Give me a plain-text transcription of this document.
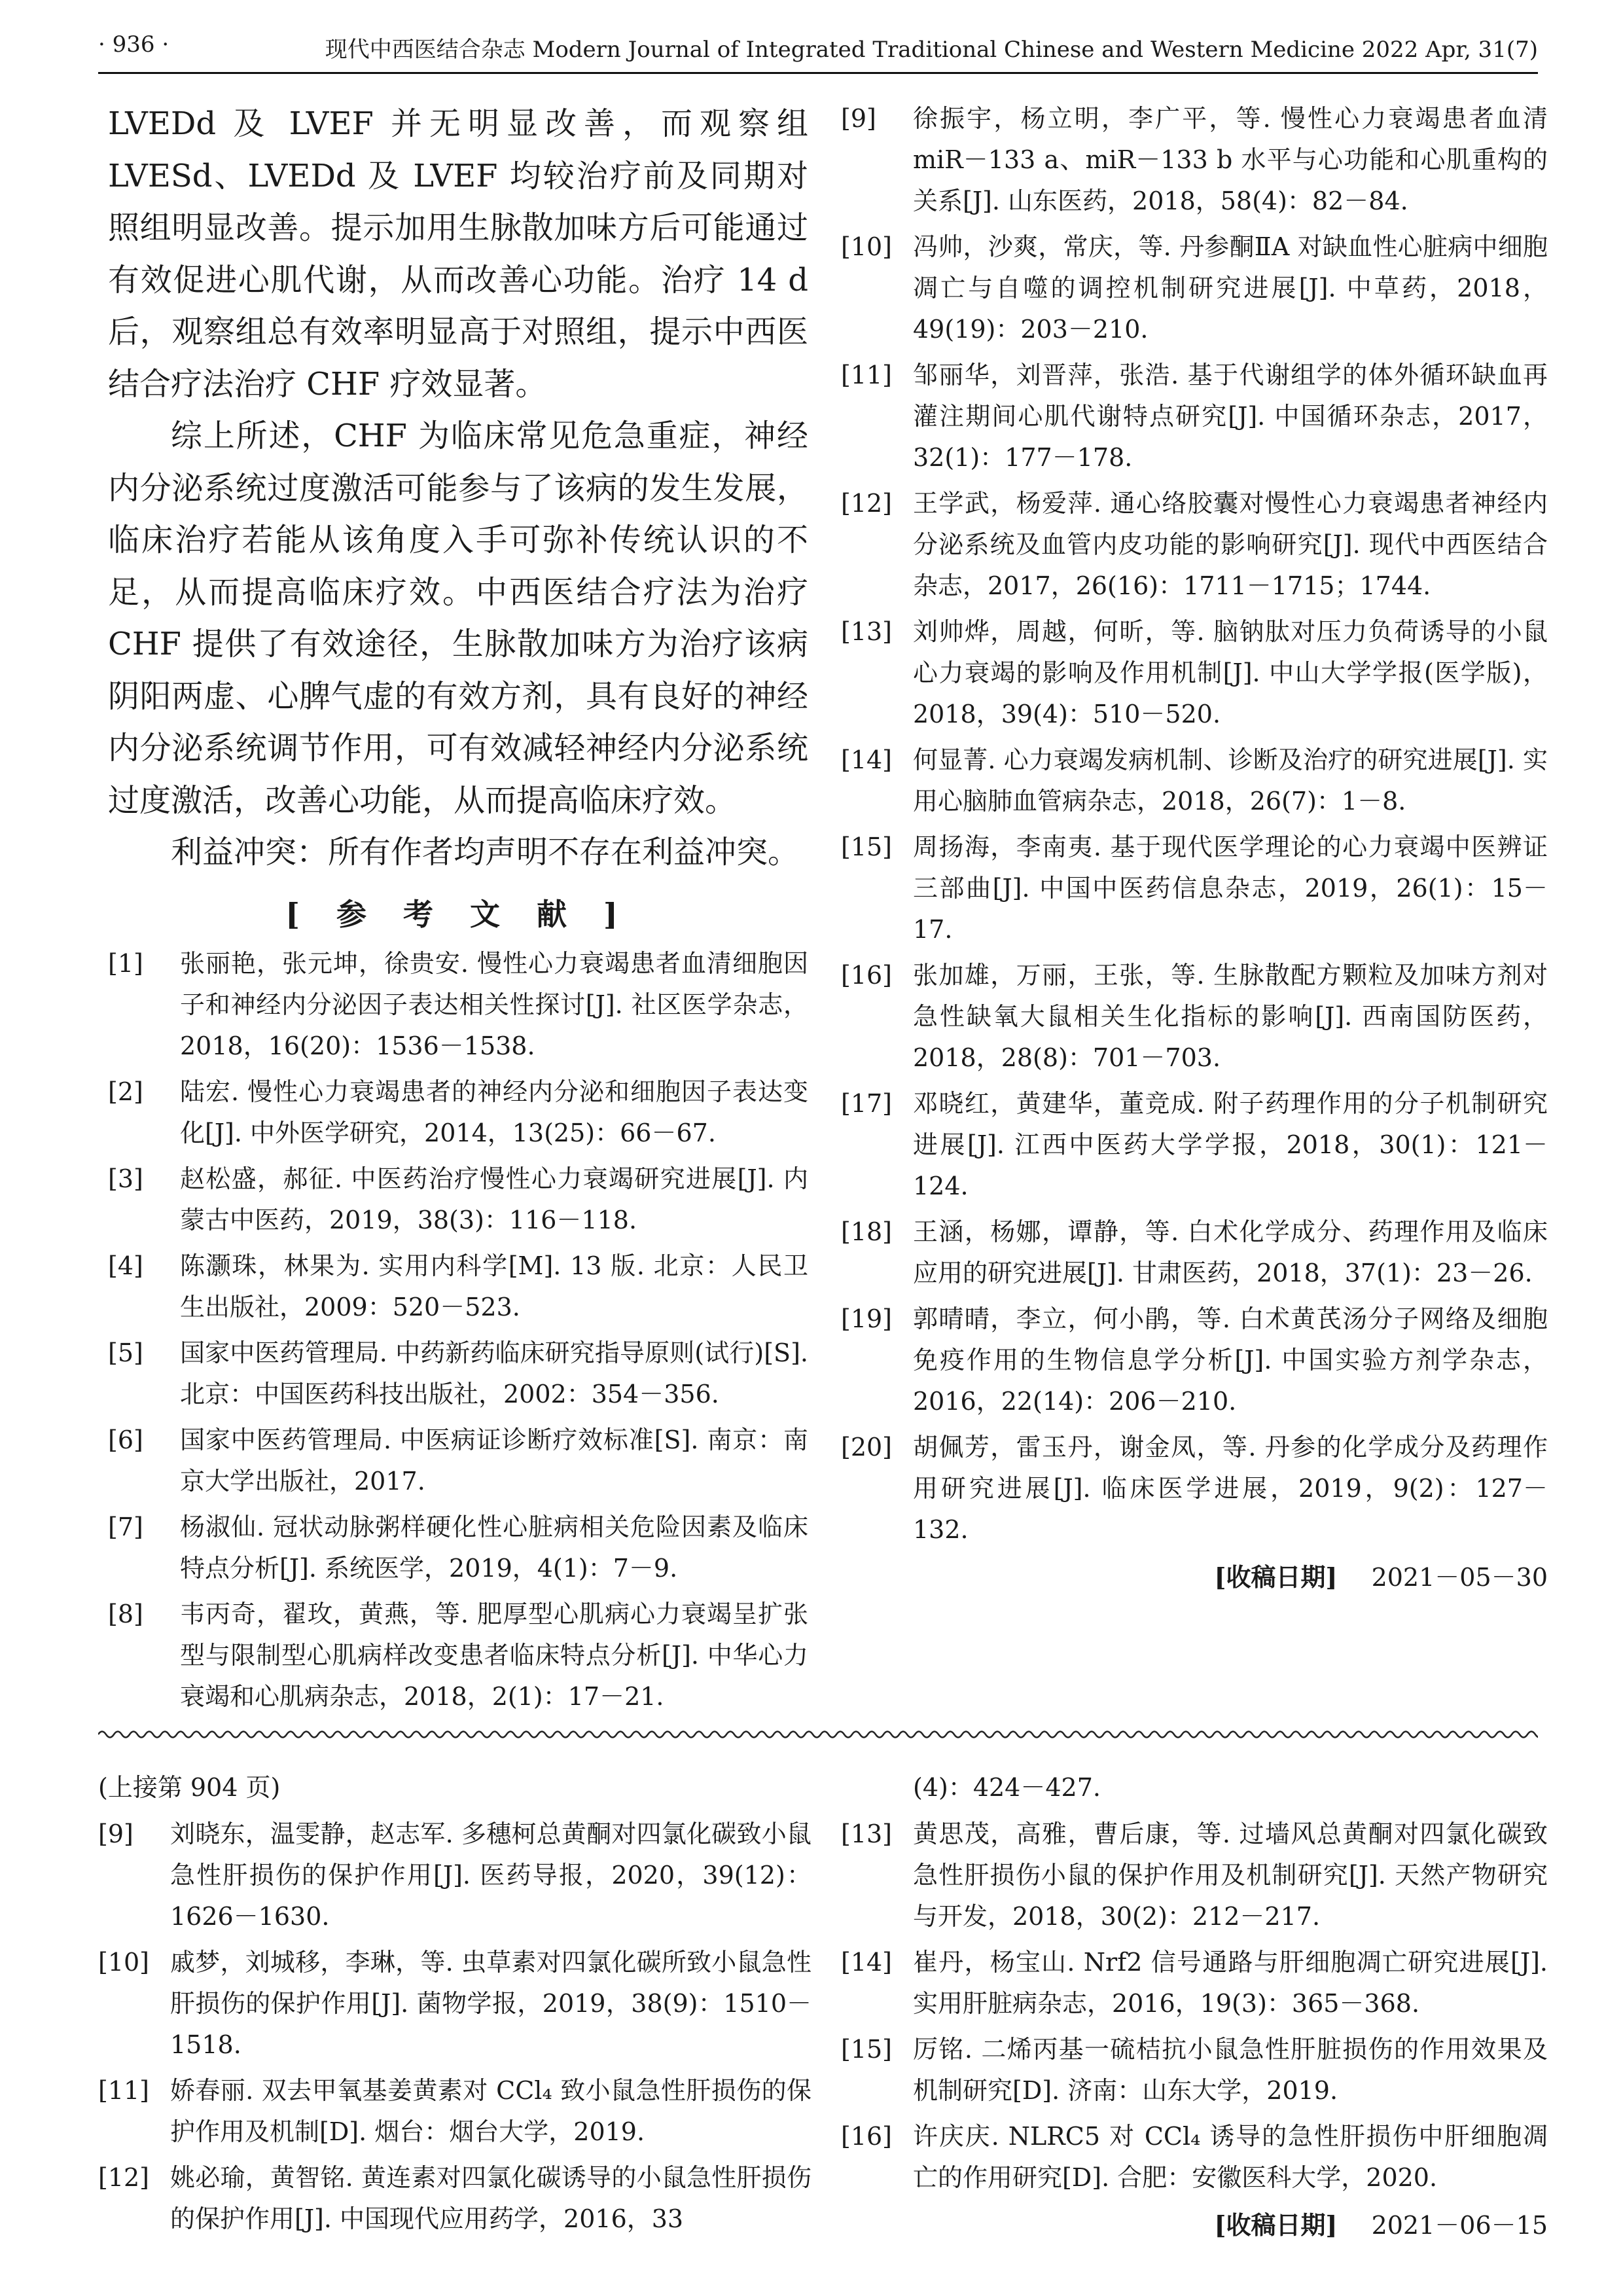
· 936 ·	现代中西医结合杂志 Modern Journal of Integrated Traditional Chinese and Western Medicine 2022 Apr, 31(7)

LVEDd 及 LVEF 并无明显改善，而观察组 LVESd、LVEDd 及 LVEF 均较治疗前及同期对照组明显改善。提示加用生脉散加味方后可能通过有效促进心肌代谢，从而改善心功能。治疗 14 d 后，观察组总有效率明显高于对照组，提示中西医结合疗法治疗 CHF 疗效显著。

综上所述，CHF 为临床常见危急重症，神经内分泌系统过度激活可能参与了该病的发生发展，临床治疗若能从该角度入手可弥补传统认识的不足，从而提高临床疗效。中西医结合疗法为治疗 CHF 提供了有效途径，生脉散加味方为治疗该病阴阳两虚、心脾气虚的有效方剂，具有良好的神经内分泌系统调节作用，可有效减轻神经内分泌系统过度激活，改善心功能，从而提高临床疗效。

利益冲突：所有作者均声明不存在利益冲突。

[ 参 考 文 献 ]
[1]	张丽艳，张元坤，徐贵安. 慢性心力衰竭患者血清细胞因子和神经内分泌因子表达相关性探讨[J]. 社区医学杂志，2018，16(20)：1536－1538.
[2]	陆宏. 慢性心力衰竭患者的神经内分泌和细胞因子表达变化[J]. 中外医学研究，2014，13(25)：66－67.
[3]	赵松盛，郝征. 中医药治疗慢性心力衰竭研究进展[J]. 内蒙古中医药，2019，38(3)：116－118.
[4]	陈灏珠，林果为. 实用内科学[M]. 13 版. 北京：人民卫生出版社，2009：520－523.
[5]	国家中医药管理局. 中药新药临床研究指导原则(试行)[S]. 北京：中国医药科技出版社，2002：354－356.
[6]	国家中医药管理局. 中医病证诊断疗效标准[S]. 南京：南京大学出版社，2017.
[7]	杨淑仙. 冠状动脉粥样硬化性心脏病相关危险因素及临床特点分析[J]. 系统医学，2019，4(1)：7－9.
[8]	韦丙奇，翟玫，黄燕，等. 肥厚型心肌病心力衰竭呈扩张型与限制型心肌病样改变患者临床特点分析[J]. 中华心力衰竭和心肌病杂志，2018，2(1)：17－21.
[9]	徐振宇，杨立明，李广平，等. 慢性心力衰竭患者血清 miR－133 a、miR－133 b 水平与心功能和心肌重构的关系[J]. 山东医药，2018，58(4)：82－84.
[10] 冯帅，沙爽，常庆，等. 丹参酮ⅡA 对缺血性心脏病中细胞凋亡与自噬的调控机制研究进展[J]. 中草药，2018，49(19)：203－210.
[11] 邹丽华，刘晋萍，张浩. 基于代谢组学的体外循环缺血再灌注期间心肌代谢特点研究[J]. 中国循环杂志，2017，32(1)：177－178.
[12] 王学武，杨爱萍. 通心络胶囊对慢性心力衰竭患者神经内分泌系统及血管内皮功能的影响研究[J]. 现代中西医结合杂志，2017，26(16)：1711－1715；1744.
[13] 刘帅烨，周越，何昕，等. 脑钠肽对压力负荷诱导的小鼠心力衰竭的影响及作用机制[J]. 中山大学学报(医学版)，2018，39(4)：510－520.
[14] 何显菁. 心力衰竭发病机制、诊断及治疗的研究进展[J]. 实用心脑肺血管病杂志，2018，26(7)：1－8.
[15] 周扬海，李南夷. 基于现代医学理论的心力衰竭中医辨证三部曲[J]. 中国中医药信息杂志，2019，26(1)：15－17.
[16] 张加雄，万丽，王张，等. 生脉散配方颗粒及加味方剂对急性缺氧大鼠相关生化指标的影响[J]. 西南国防医药，2018，28(8)：701－703.
[17] 邓晓红，黄建华，董竞成. 附子药理作用的分子机制研究进展[J]. 江西中医药大学学报，2018，30(1)：121－124.
[18] 王涵，杨娜，谭静，等. 白术化学成分、药理作用及临床应用的研究进展[J]. 甘肃医药，2018，37(1)：23－26.
[19] 郭晴晴，李立，何小鹃，等. 白术黄芪汤分子网络及细胞免疫作用的生物信息学分析[J]. 中国实验方剂学杂志，2016，22(14)：206－210.
[20] 胡佩芳，雷玉丹，谢金凤，等. 丹参的化学成分及药理作用研究进展[J]. 临床医学进展，2019，9(2)：127－132.
[收稿日期] 2021－05－30
(上接第 904 页)
[9]	刘晓东，温雯静，赵志军. 多穗柯总黄酮对四氯化碳致小鼠急性肝损伤的保护作用[J]. 医药导报，2020，39(12)：1626－1630.
[10] 戚梦，刘城移，李琳，等. 虫草素对四氯化碳所致小鼠急性肝损伤的保护作用[J]. 菌物学报，2019，38(9)：1510－1518.
[11] 娇春丽. 双去甲氧基姜黄素对 CCl₄ 致小鼠急性肝损伤的保护作用及机制[D]. 烟台：烟台大学，2019.
[12] 姚必瑜，黄智铭. 黄连素对四氯化碳诱导的小鼠急性肝损伤的保护作用[J]. 中国现代应用药学，2016，33
(4)：424－427.
[13] 黄思茂，高雅，曹后康，等. 过墙风总黄酮对四氯化碳致急性肝损伤小鼠的保护作用及机制研究[J]. 天然产物研究与开发，2018，30(2)：212－217.
[14] 崔丹，杨宝山. Nrf2 信号通路与肝细胞凋亡研究进展[J]. 实用肝脏病杂志，2016，19(3)：365－368.
[15] 厉铭. 二烯丙基一硫桔抗小鼠急性肝脏损伤的作用效果及机制研究[D]. 济南：山东大学，2019.
[16] 许庆庆. NLRC5 对 CCl₄ 诱导的急性肝损伤中肝细胞凋亡的作用研究[D]. 合肥：安徽医科大学，2020.
[收稿日期] 2021－06－15
